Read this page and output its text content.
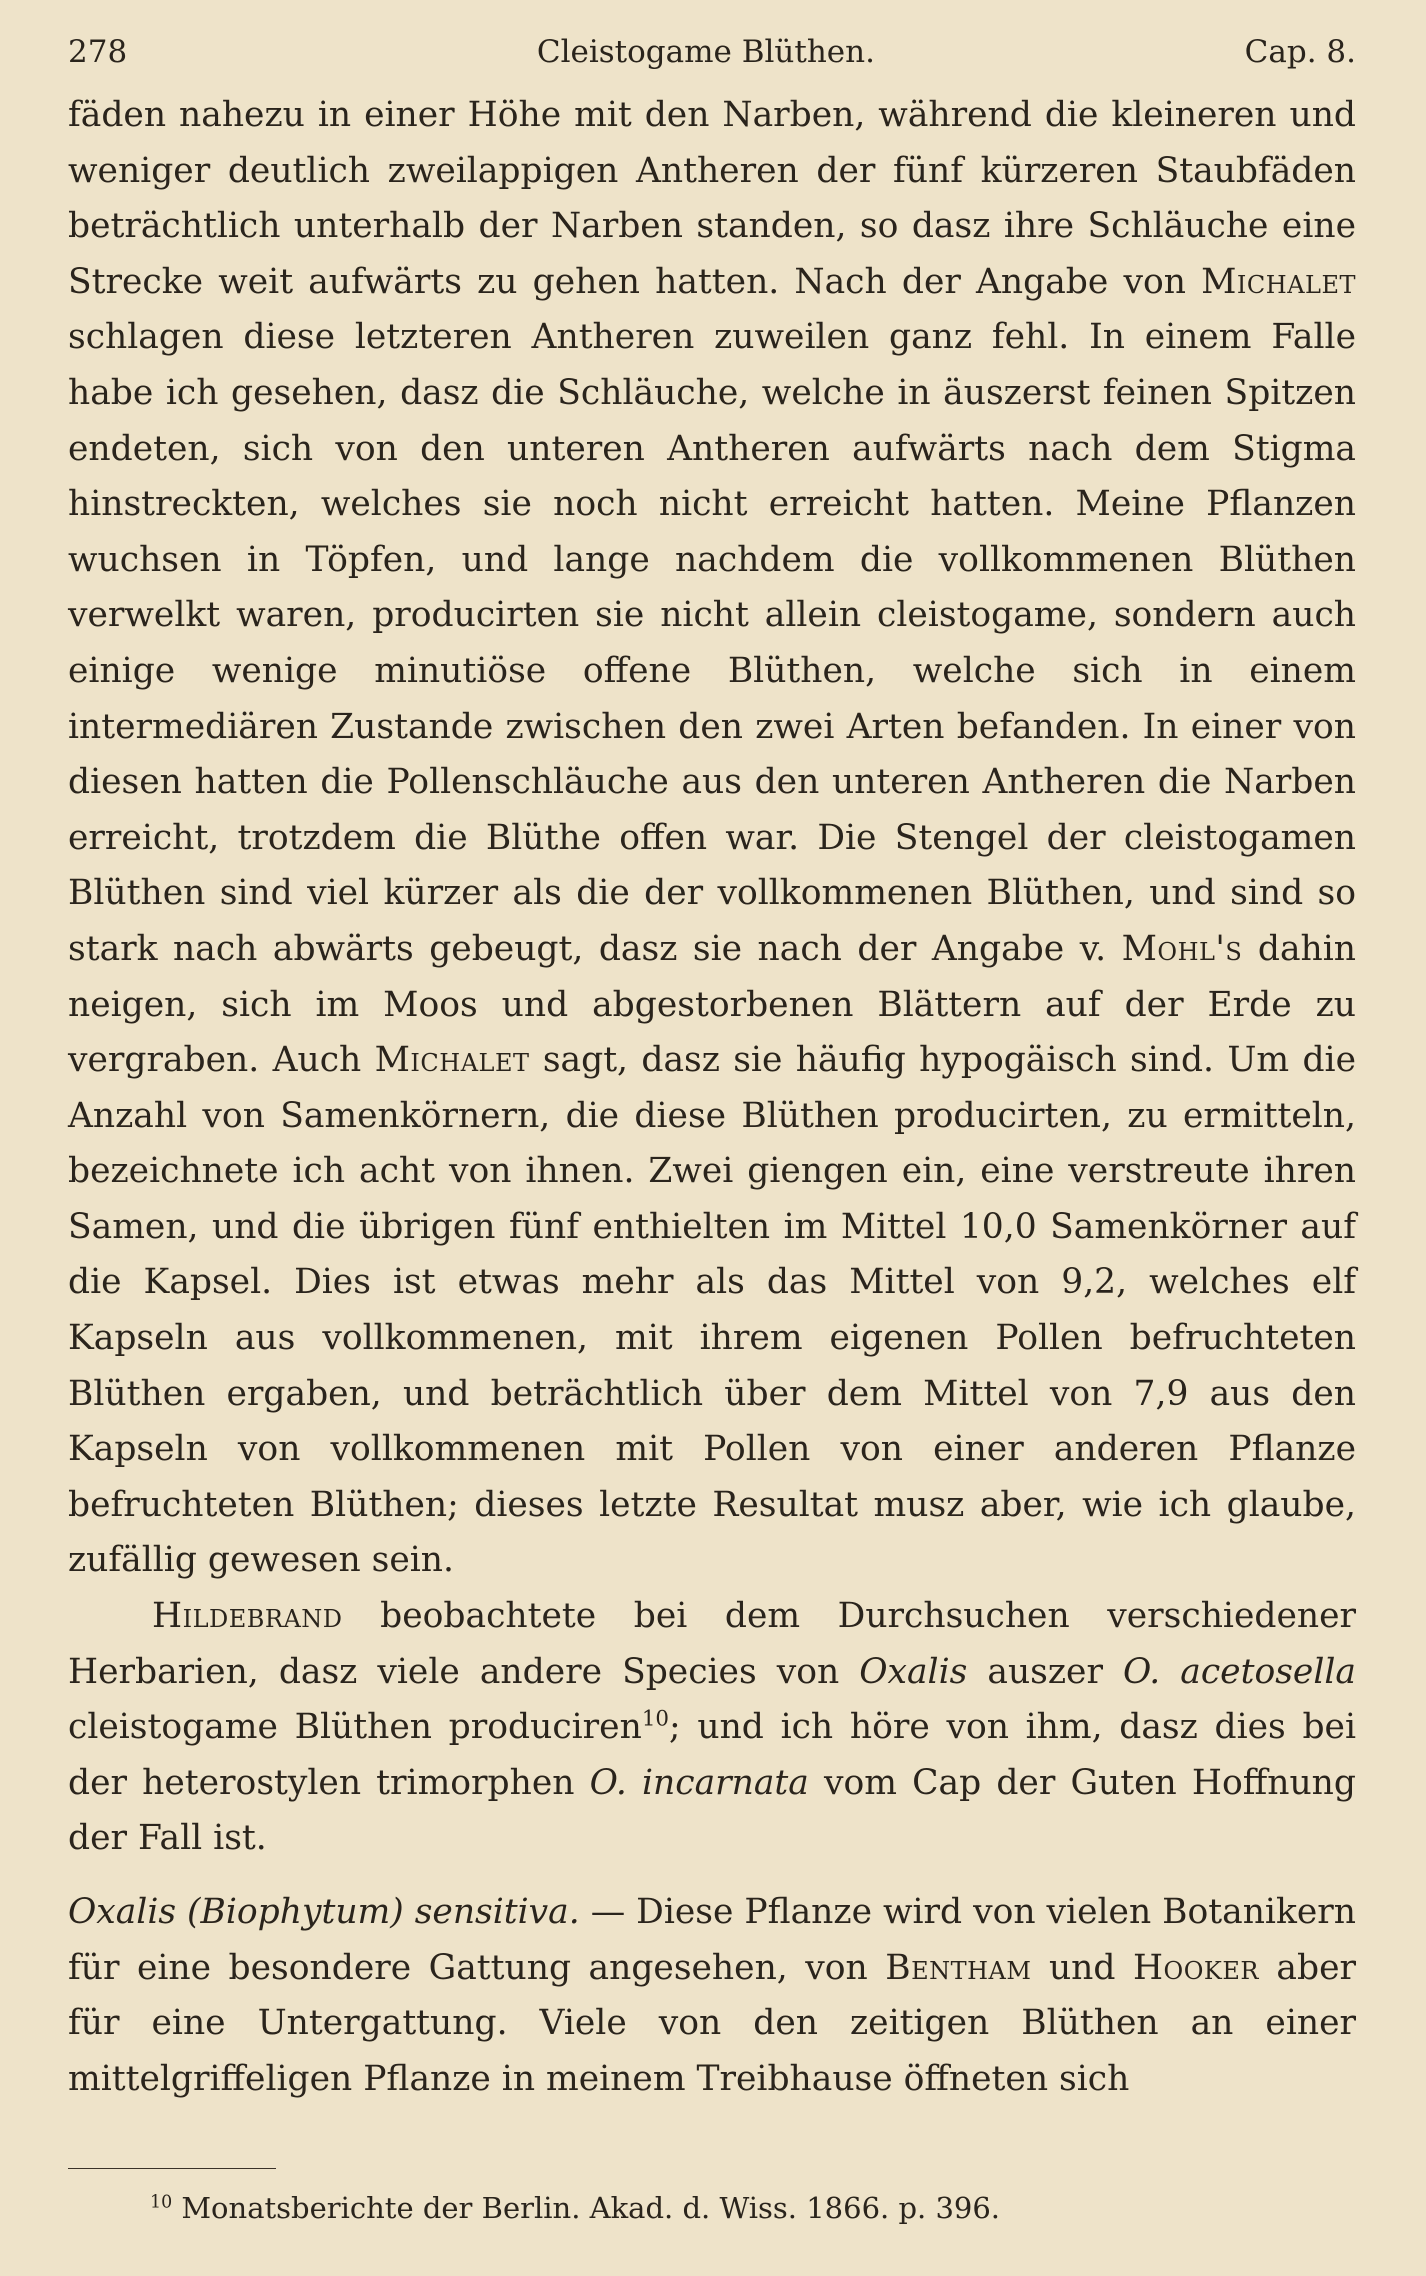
278	Cleistogame Blüthen.	Cap. 8.

fäden nahezu in einer Höhe mit den Narben, während die kleineren und weniger deutlich zweilappigen Antheren der fünf kürzeren Staubfäden beträchtlich unterhalb der Narben standen, so dasz ihre Schläuche eine Strecke weit aufwärts zu gehen hatten. Nach der Angabe von Michalet schlagen diese letzteren Antheren zuweilen ganz fehl. In einem Falle habe ich gesehen, dasz die Schläuche, welche in äuszerst feinen Spitzen endeten, sich von den unteren Antheren aufwärts nach dem Stigma hinstreckten, welches sie noch nicht erreicht hatten. Meine Pflanzen wuchsen in Töpfen, und lange nachdem die vollkommenen Blüthen verwelkt waren, producirten sie nicht allein cleistogame, sondern auch einige wenige minutiöse offene Blüthen, welche sich in einem intermediären Zustande zwischen den zwei Arten befanden. In einer von diesen hatten die Pollenschläuche aus den unteren Antheren die Narben erreicht, trotzdem die Blüthe offen war. Die Stengel der cleistogamen Blüthen sind viel kürzer als die der vollkommenen Blüthen, und sind so stark nach abwärts gebeugt, dasz sie nach der Angabe v. Mohl's dahin neigen, sich im Moos und abgestorbenen Blättern auf der Erde zu vergraben. Auch Michalet sagt, dasz sie häufig hypogäisch sind. Um die Anzahl von Samenkörnern, die diese Blüthen producirten, zu ermitteln, bezeichnete ich acht von ihnen. Zwei giengen ein, eine verstreute ihren Samen, und die übrigen fünf enthielten im Mittel 10,0 Samenkörner auf die Kapsel. Dies ist etwas mehr als das Mittel von 9,2, welches elf Kapseln aus vollkommenen, mit ihrem eigenen Pollen befruchteten Blüthen ergaben, und beträchtlich über dem Mittel von 7,9 aus den Kapseln von vollkommenen mit Pollen von einer anderen Pflanze befruchteten Blüthen; dieses letzte Resultat musz aber, wie ich glaube, zufällig gewesen sein.

Hildebrand beobachtete bei dem Durchsuchen verschiedener Herbarien, dasz viele andere Species von Oxalis auszer O. acetosella cleistogame Blüthen produciren$^{10}$; und ich höre von ihm, dasz dies bei der heterostylen trimorphen O. incarnata vom Cap der Guten Hoffnung der Fall ist.

Oxalis (Biophytum) sensitiva. — Diese Pflanze wird von vielen Botanikern für eine besondere Gattung angesehen, von Bentham und Hooker aber für eine Untergattung. Viele von den zeitigen Blüthen an einer mittelgriffeligen Pflanze in meinem Treibhause öffneten sich

$^{10}$ Monatsberichte der Berlin. Akad. d. Wiss. 1866. p. 396.
